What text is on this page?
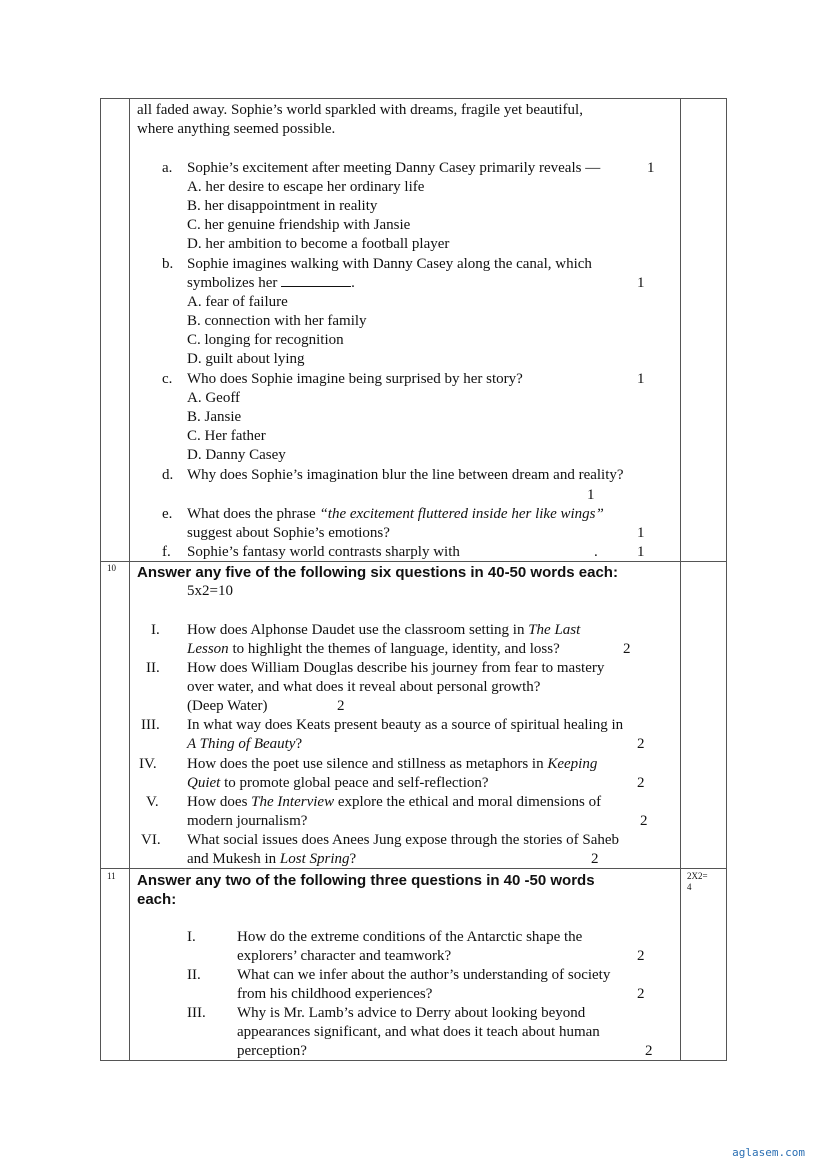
all faded away. Sophie’s world sparkled with dreams, fragile yet beautiful,
where anything seemed possible.
a. Sophie’s excitement after meeting Danny Casey primarily reveals —	1
A. her desire to escape her ordinary life
B. her disappointment in reality
C. her genuine friendship with Jansie
D. her ambition to become a football player
b. Sophie imagines walking with Danny Casey along the canal, which
symbolizes her	.	1
A. fear of failure
B. connection with her family
C. longing for recognition
D. guilt about lying
c. Who does Sophie imagine being surprised by her story?	1
A. Geoff
B. Jansie
C. Her father
D. Danny Casey
d. Why does Sophie’s imagination blur the line between dream and reality?
1
e. What does the phrase “the excitement fluttered inside her like wings”
suggest about Sophie’s emotions?	1
f. Sophie’s fantasy world contrasts sharply with	.	1
10 Answer any five of the following six questions in 40-50 words each:
5x2=10
I. How does Alphonse Daudet use the classroom setting in The Last
Lesson to highlight the themes of language, identity, and loss?	2
II. How does William Douglas describe his journey from fear to mastery
over water, and what does it reveal about personal growth?
(Deep Water)	2
III. In what way does Keats present beauty as a source of spiritual healing in
A Thing of Beauty?	2
IV. How does the poet use silence and stillness as metaphors in Keeping
Quiet to promote global peace and self-reflection?	2
V. How does The Interview explore the ethical and moral dimensions of
modern journalism?	2
VI. What social issues does Anees Jung expose through the stories of Saheb
and Mukesh in Lost Spring?	2
11 Answer any two of the following three questions in 40 -50 words
each:
2X2=
4
I.	How do the extreme conditions of the Antarctic shape the
explorers’ character and teamwork?	2
II. What can we infer about the author’s understanding of society
from his childhood experiences?	2
III. Why is Mr. Lamb’s advice to Derry about looking beyond
appearances significant, and what does it teach about human
perception?	2
aglasem.com
